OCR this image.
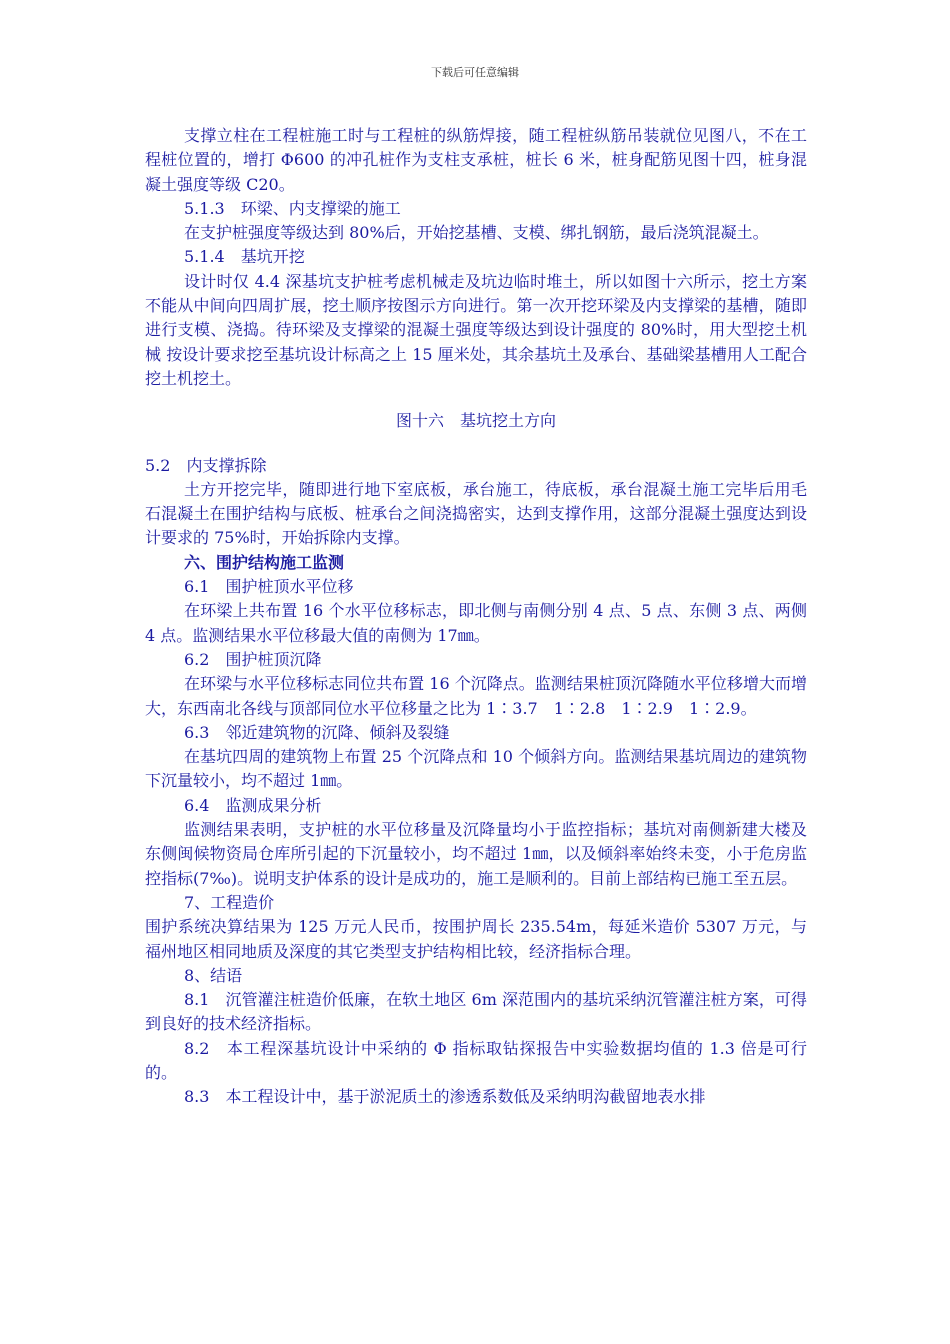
下载后可任意编辑

支撑立柱在工程桩施工时与工程桩的纵筋焊接，随工程桩纵筋吊装就位见图八，不在工程桩位置的，增打 Φ600 的冲孔桩作为支柱支承桩，桩长 6 米，桩身配筋见图十四，桩身混凝土强度等级 C20。

5.1.3　环梁、内支撑梁的施工

在支护桩强度等级达到 80%后，开始挖基槽、支模、绑扎钢筋，最后浇筑混凝土。

5.1.4　基坑开挖

设计时仅 4.4 深基坑支护桩考虑机械走及坑边临时堆土，所以如图十六所示，挖土方案不能从中间向四周扩展，挖土顺序按图示方向进行。第一次开挖环梁及内支撑梁的基槽，随即进行支模、浇捣。待环梁及支撑梁的混凝土强度等级达到设计强度的 80%时，用大型挖土机械 按设计要求挖至基坑设计标高之上 15 厘米处，其余基坑土及承台、基础梁基槽用人工配合挖土机挖土。

图十六　基坑挖土方向

5.2　内支撑拆除

土方开挖完毕，随即进行地下室底板，承台施工，待底板，承台混凝土施工完毕后用毛石混凝土在围护结构与底板、桩承台之间浇捣密实，达到支撑作用，这部分混凝土强度达到设计要求的 75%时，开始拆除内支撑。

六、围护结构施工监测

6.1　围护桩顶水平位移

在环梁上共布置 16 个水平位移标志，即北侧与南侧分别 4 点、5 点、东侧 3 点、两侧 4 点。监测结果水平位移最大值的南侧为 17㎜。

6.2　围护桩顶沉降

在环梁与水平位移标志同位共布置 16 个沉降点。监测结果桩顶沉降随水平位移增大而增大，东西南北各线与顶部同位水平位移量之比为 1∶3.7　1∶2.8　1∶2.9　1∶2.9。

6.3　邻近建筑物的沉降、倾斜及裂缝

在基坑四周的建筑物上布置 25 个沉降点和 10 个倾斜方向。监测结果基坑周边的建筑物下沉量较小，均不超过 1㎜。

6.4　监测成果分析

监测结果表明，支护桩的水平位移量及沉降量均小于监控指标；基坑对南侧新建大楼及东侧闽候物资局仓库所引起的下沉量较小，均不超过 1㎜，以及倾斜率始终未变，小于危房监控指标(7‰)。说明支护体系的设计是成功的，施工是顺利的。目前上部结构已施工至五层。

7、工程造价

围护系统决算结果为 125 万元人民币，按围护周长 235.54m，每延米造价 5307 万元，与福州地区相同地质及深度的其它类型支护结构相比较，经济指标合理。

8、结语

8.1　沉管灌注桩造价低廉，在软土地区 6m 深范围内的基坑采纳沉管灌注桩方案，可得到良好的技术经济指标。

8.2　本工程深基坑设计中采纳的 Φ 指标取钻探报告中实验数据均值的 1.3 倍是可行的。

8.3　本工程设计中，基于淤泥质土的渗透系数低及采纳明沟截留地表水排
